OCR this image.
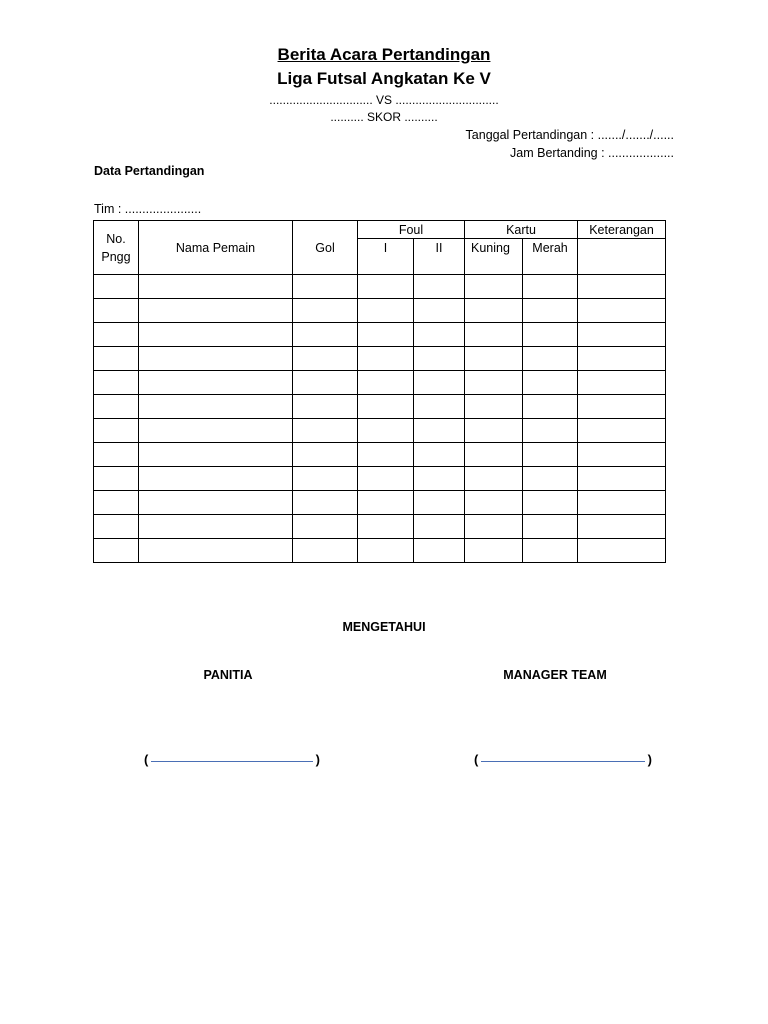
Berita Acara Pertandingan
Liga Futsal Angkatan Ke V
............................... VS ...............................
.......... SKOR ..........
Tanggal Pertandingan : ......./......./......
Jam Bertanding : ...................
Data Pertandingan
Tim : ......................
No. Pngg	Nama Pemain	Gol	Foul		Kartu		Keterangan
			I	II	Kuning	Merah	

MENGETAHUI
PANITIA	MANAGER TEAM
(	)	(	)
